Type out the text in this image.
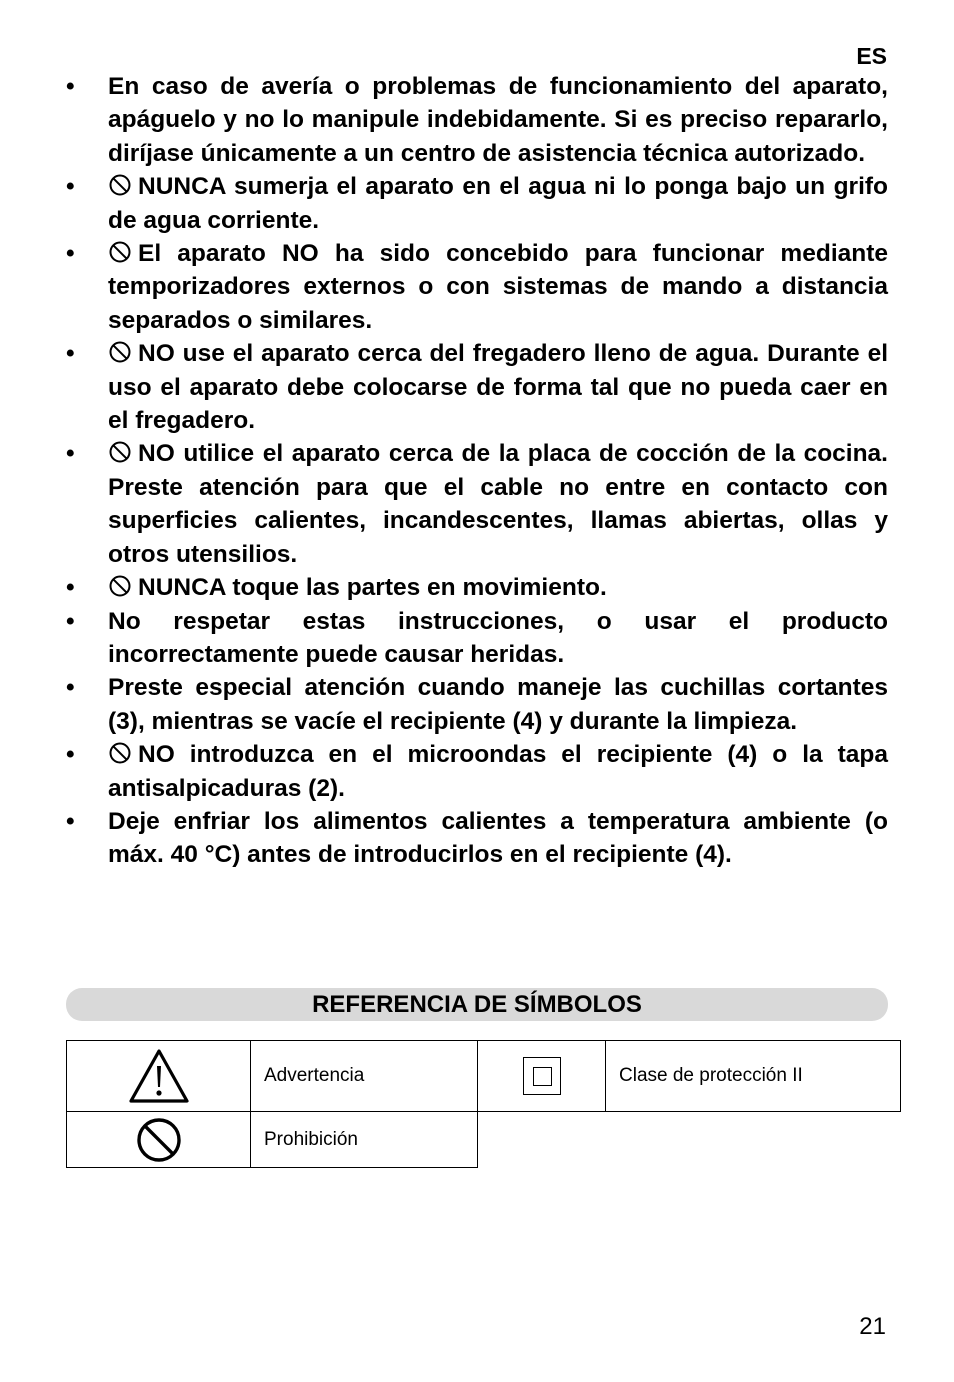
ES
• En caso de avería o problemas de funcionamiento del aparato, apáguelo y no lo manipule indebidamente. Si es preciso repararlo, diríjase únicamente a un centro de asistencia técnica autorizado.
•	NUNCA sumerja el aparato en el agua ni lo ponga bajo un grifo de agua corriente.
•	El aparato NO ha sido concebido para funcionar mediante temporizadores externos o con sistemas de mando a distancia separados o similares.
•	NO use el aparato cerca del fregadero lleno de agua. Durante el uso el aparato debe colocarse de forma tal que no pueda caer en el fregadero.
•	NO utilice el aparato cerca de la placa de cocción de la cocina. Preste atención para que el cable no entre en contacto con superficies calientes, incandescentes, llamas abiertas, ollas y otros utensilios.
•	NUNCA toque las partes en movimiento.
• No respetar estas instrucciones, o usar el producto incorrectamente puede causar heridas.
• Preste especial atención cuando maneje las cuchillas cortantes (3), mientras se vacíe el recipiente (4) y durante la limpieza.
•	NO introduzca en el microondas el recipiente (4) o la tapa antisalpicaduras (2).
• Deje enfriar los alimentos calientes a temperatura ambiente (o máx. 40 °C) antes de introducirlos en el recipiente (4).
REFERENCIA DE SÍMBOLOS
	Advertencia		Clase de protección II
	Prohibición		
21
